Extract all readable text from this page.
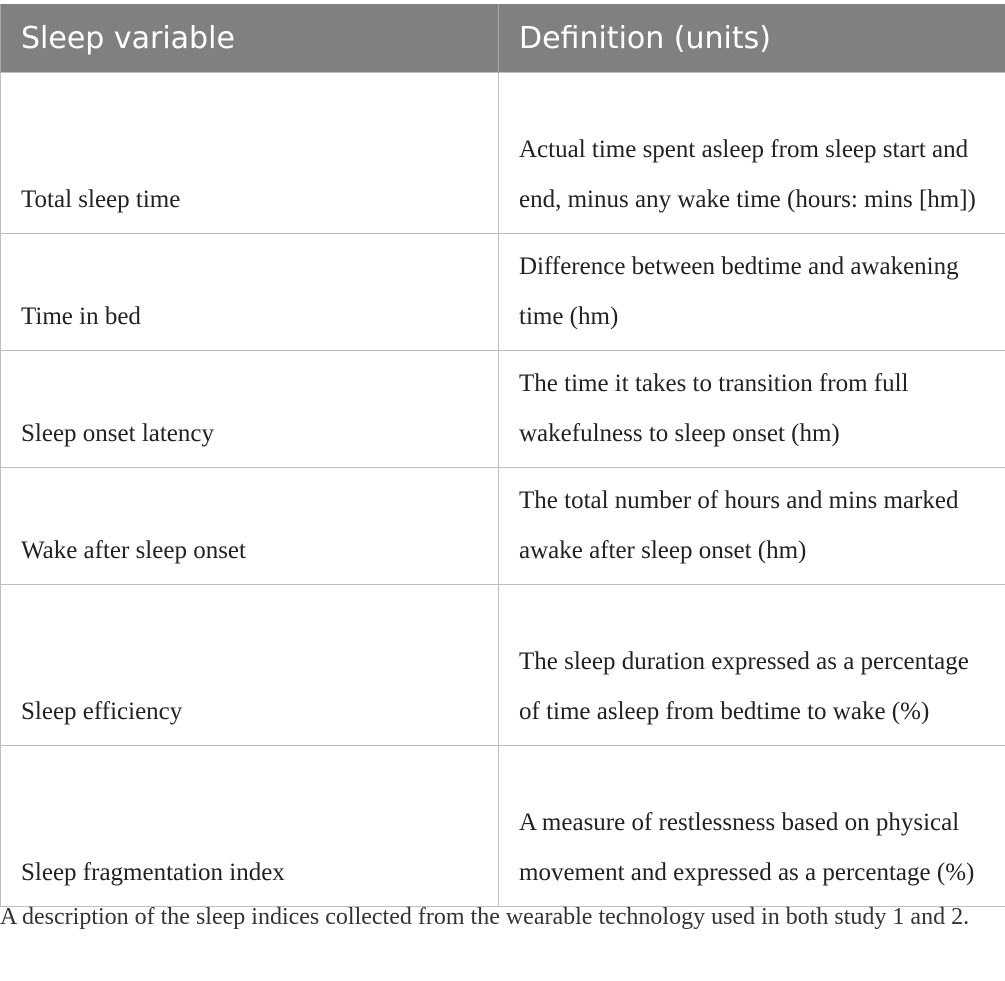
Sleep variable	Definition (units)
Total sleep time	Actual time spent asleep from sleep start and end, minus any wake time (hours: mins [hm])
Time in bed	Difference between bedtime and awakening time (hm)
Sleep onset latency	The time it takes to transition from full wakefulness to sleep onset (hm)
Wake after sleep onset	The total number of hours and mins marked awake after sleep onset (hm)
Sleep efficiency	The sleep duration expressed as a percentage of time asleep from bedtime to wake (%)
Sleep fragmentation index	A measure of restlessness based on physical movement and expressed as a percentage (%)
A description of the sleep indices collected from the wearable technology used in both study 1 and 2.
